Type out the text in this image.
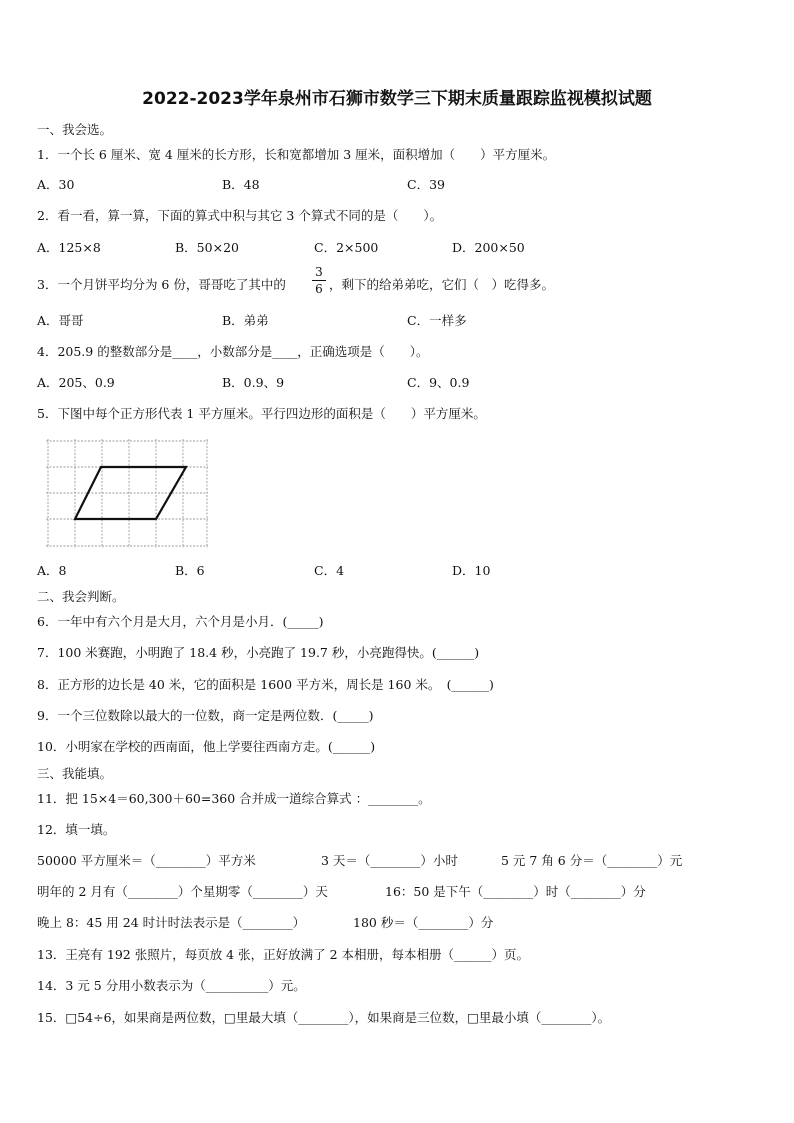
2022-2023学年泉州市石狮市数学三下期末质量跟踪监视模拟试题
一、我会选。
1．一个长 6 厘米、宽 4 厘米的长方形，长和宽都增加 3 厘米，面积增加（　　）平方厘米。
A．30	B．48	C．39
2．看一看，算一算，下面的算式中积与其它 3 个算式不同的是（　　）。
A．125×8	B．50×20	C．2×500	D．200×50
3．一个月饼平均分为 6 份，哥哥吃了其中的
3
6 ，剩下的给弟弟吃，它们（　）吃得多。
A．哥哥	B．弟弟	C．一样多
4．205.9 的整数部分是____，小数部分是____，正确选项是（　　）。
A．205、0.9	B．0.9、9	C．9、0.9
5．下图中每个正方形代表 1 平方厘米。平行四边形的面积是（　　）平方厘米。
A．8	B．6	C．4	D．10
二、我会判断。
6．一年中有六个月是大月，六个月是小月．(_____)
7．100 米赛跑，小明跑了 18.4 秒，小亮跑了 19.7 秒，小亮跑得快。(______)
8．正方形的边长是 40 米，它的面积是 1600 平方米，周长是 160 米。　(______)
9．一个三位数除以最大的一位数，商一定是两位数．(_____)
10．小明家在学校的西南面，他上学要往西南方走。(______)
三、我能填。
11．把 15×4＝60,300＋60=360 合并成一道综合算式 ：________。
12．填一填。
50000 平方厘米＝（________）平方米	3 天＝（________）小时	5 元 7 角 6 分＝（________）元
明年的 2 月有（________）个星期零（________）天	16：50 是下午（________）时（________）分
晚上 8：45 用 24 时计时法表示是（________）	180 秒＝（________）分
13．王亮有 192 张照片，每页放 4 张，正好放满了 2 本相册，每本相册（______）页。
14．3 元 5 分用小数表示为（__________）元。
15．□54÷6，如果商是两位数，□里最大填（________），如果商是三位数，□里最小填（________）。
